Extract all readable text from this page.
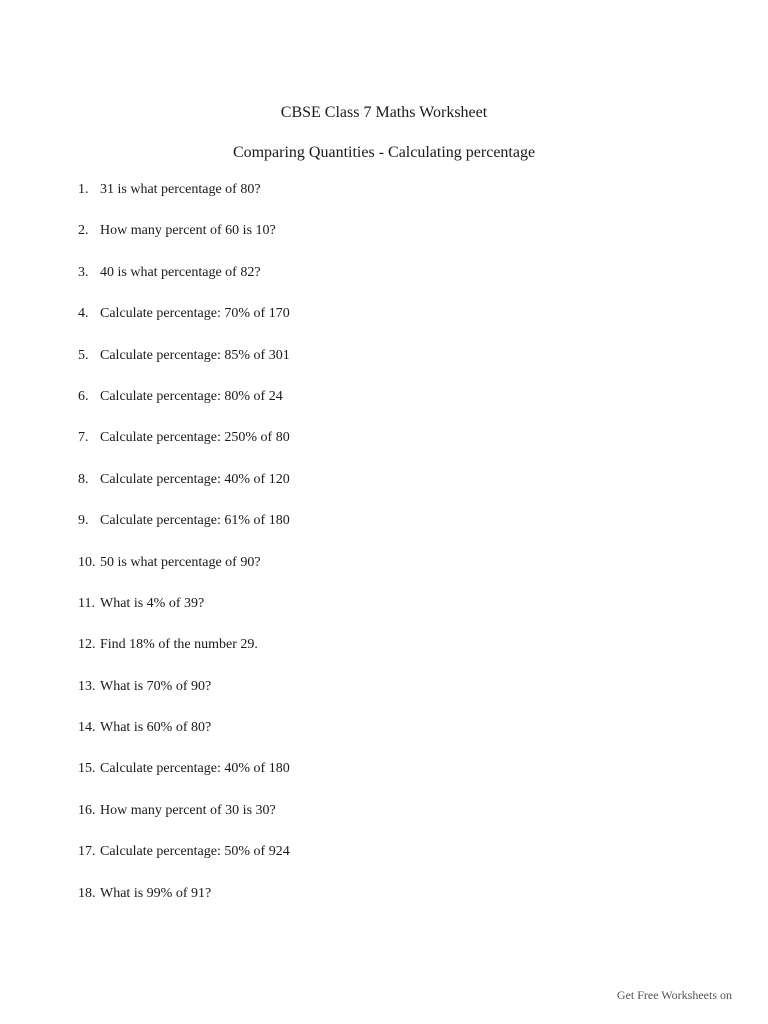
CBSE Class 7 Maths Worksheet
Comparing Quantities - Calculating percentage
1. 31 is what percentage of 80?
2. How many percent of 60 is 10?
3. 40 is what percentage of 82?
4. Calculate percentage: 70% of 170
5. Calculate percentage: 85% of 301
6. Calculate percentage: 80% of 24
7. Calculate percentage: 250% of 80
8. Calculate percentage: 40% of 120
9. Calculate percentage: 61% of 180
10. 50 is what percentage of 90?
11. What is 4% of 39?
12. Find 18% of the number 29.
13. What is 70% of 90?
14. What is 60% of 80?
15. Calculate percentage: 40% of 180
16. How many percent of 30 is 30?
17. Calculate percentage: 50% of 924
18. What is 99% of 91?
Get Free Worksheets on
